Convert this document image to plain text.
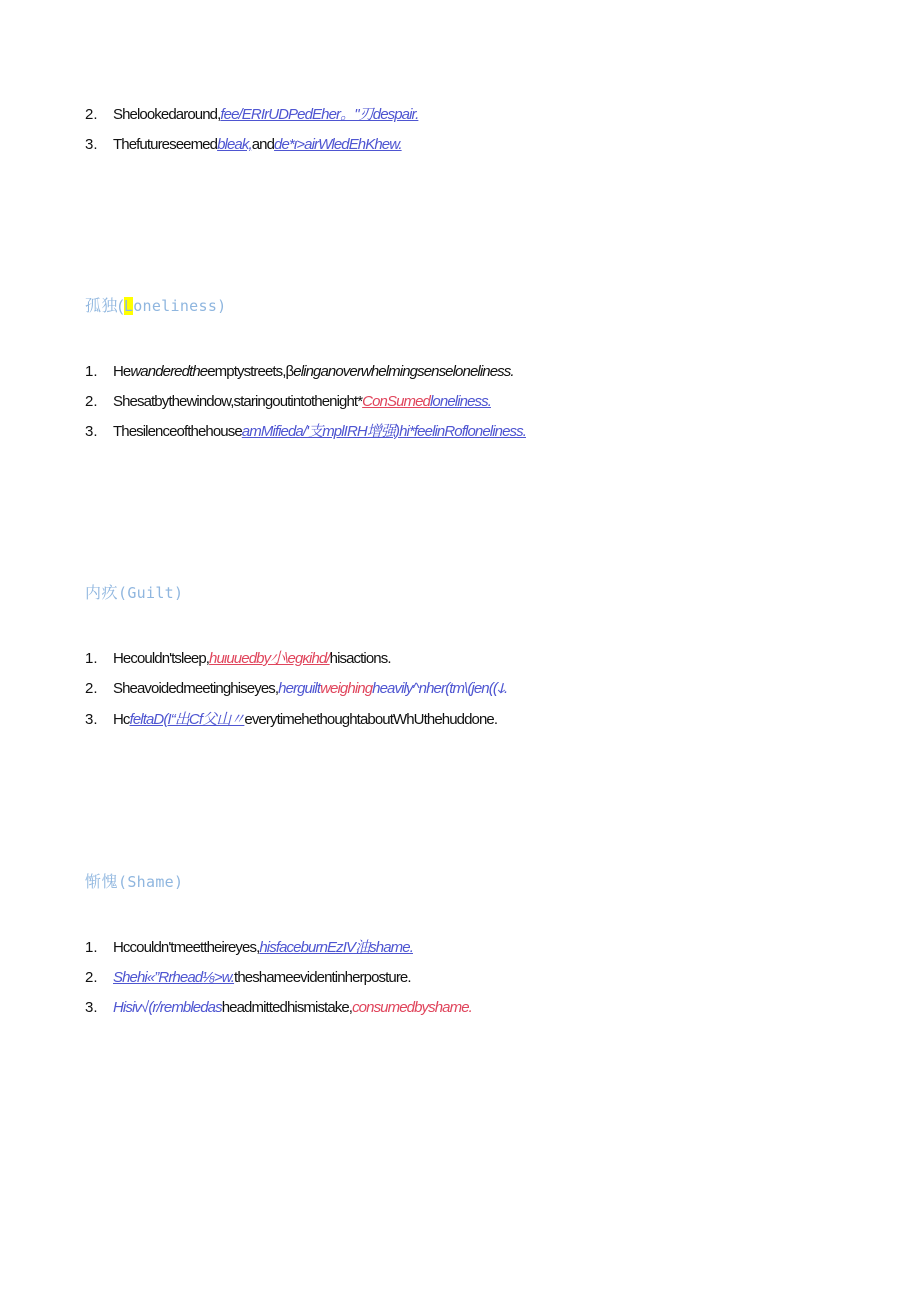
2. Shelookedaround,fee/ERIrUDPedEher。"刃despair.
3. Thefutureseemedbleak,andde*ι>airWledEhKhew.
孤独(Loneliness)
1. Hewanderedtheemptystreets,βelinganoverwhelmingsenseloneliness.
2. Shesatbythewindow,staringoutintothenight*ConSumedloneliness.
3. ThesilenceofthehouseamMifieda/'支mplIRH增强)hi*feelinRofloneliness.
内疚(Guilt)
1. Hecouldn'tsleep,huιuuedby小\egκihd/hisactions.
2. Sheavoidedmeetinghiseyes,herguiltweighingheavily^nher(tm\(jen((ↆ.
3. HcfeltaD(I“出Cf父山〃everytimehethoughtaboutWhUthehuddone.
惭愧(Shame)
1. Hccouldn'tmeettheireyes,hisfaceburnEzIV油shame.
2. Shehi«”Rrhead⅛>w.theshameevidentinherposture.
3. Hisiv√(r/rembledasheadmittedhismistake,consumedbyshame.
